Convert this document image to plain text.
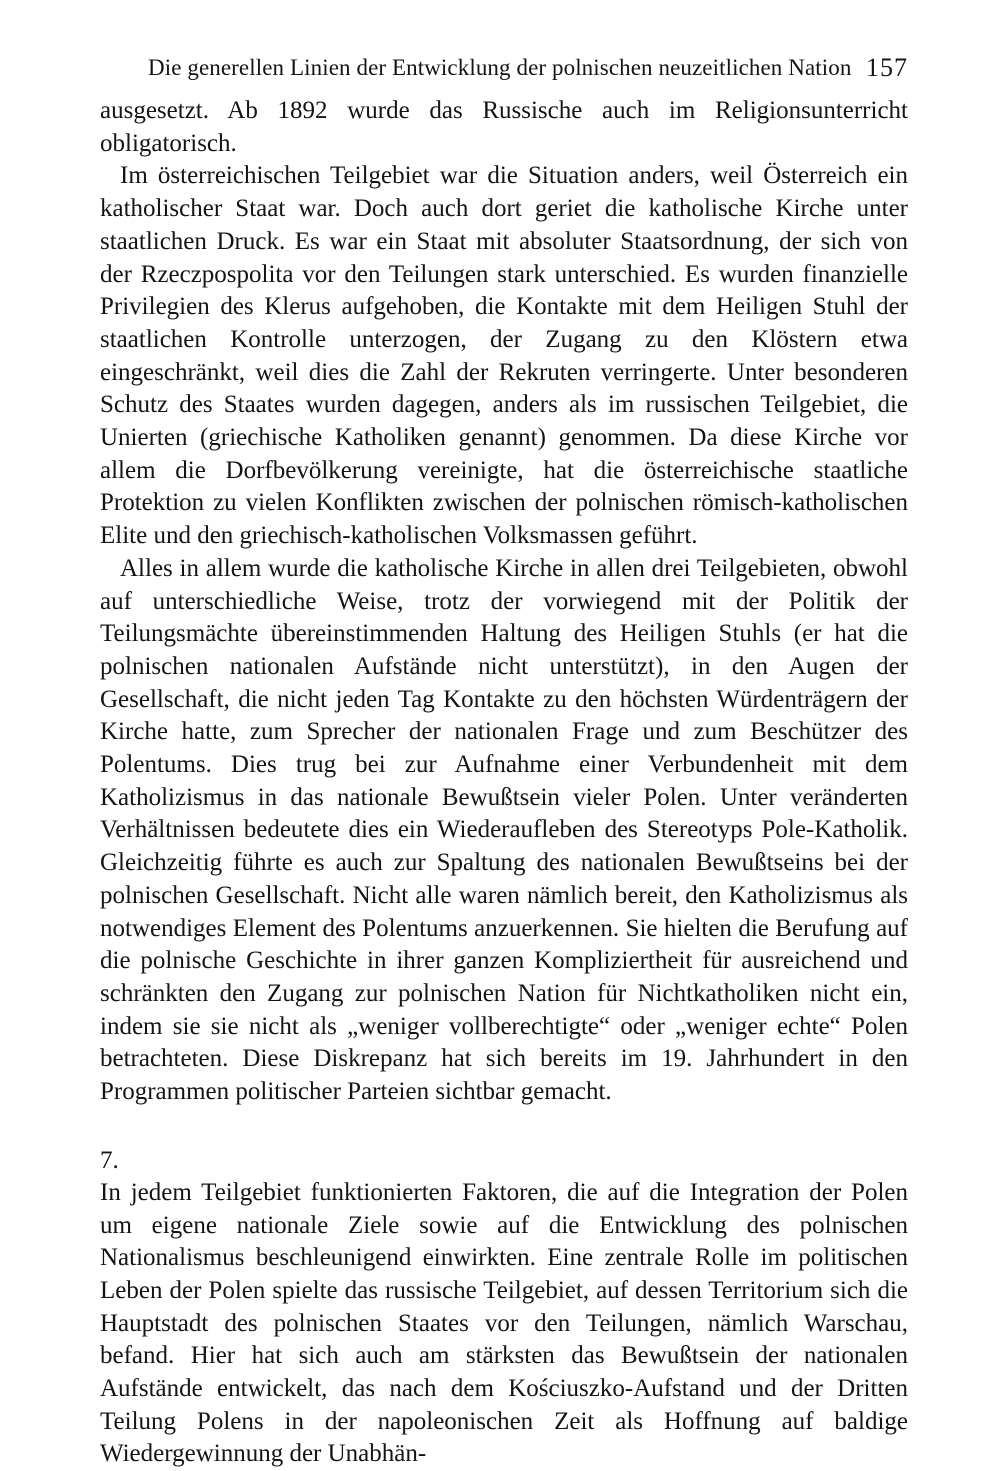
Die generellen Linien der Entwicklung der polnischen neuzeitlichen Nation 157

ausgesetzt. Ab 1892 wurde das Russische auch im Religionsunterricht obligatorisch.

Im österreichischen Teilgebiet war die Situation anders, weil Österreich ein katholischer Staat war. Doch auch dort geriet die katholische Kirche unter staatlichen Druck. Es war ein Staat mit absoluter Staatsordnung, der sich von der Rzeczpospolita vor den Teilungen stark unterschied. Es wurden finanzielle Privilegien des Klerus aufgehoben, die Kontakte mit dem Heiligen Stuhl der staatlichen Kontrolle unterzogen, der Zugang zu den Klöstern etwa eingeschränkt, weil dies die Zahl der Rekruten verringerte. Unter besonderen Schutz des Staates wurden dagegen, anders als im russischen Teilgebiet, die Unierten (griechische Katholiken genannt) genommen. Da diese Kirche vor allem die Dorfbevölkerung vereinigte, hat die österreichische staatliche Protektion zu vielen Konflikten zwischen der polnischen römisch-katholischen Elite und den griechisch-katholischen Volksmassen geführt.

Alles in allem wurde die katholische Kirche in allen drei Teilgebieten, obwohl auf unterschiedliche Weise, trotz der vorwiegend mit der Politik der Teilungsmächte übereinstimmenden Haltung des Heiligen Stuhls (er hat die polnischen nationalen Aufstände nicht unterstützt), in den Augen der Gesellschaft, die nicht jeden Tag Kontakte zu den höchsten Würdenträgern der Kirche hatte, zum Sprecher der nationalen Frage und zum Beschützer des Polentums. Dies trug bei zur Aufnahme einer Verbundenheit mit dem Katholizismus in das nationale Bewußtsein vieler Polen. Unter veränderten Verhältnissen bedeutete dies ein Wiederaufleben des Stereotyps Pole-Katholik. Gleichzeitig führte es auch zur Spaltung des nationalen Bewußtseins bei der polnischen Gesellschaft. Nicht alle waren nämlich bereit, den Katholizismus als notwendiges Element des Polentums anzuerkennen. Sie hielten die Berufung auf die polnische Geschichte in ihrer ganzen Kompliziertheit für ausreichend und schränkten den Zugang zur polnischen Nation für Nichtkatholiken nicht ein, indem sie sie nicht als „weniger vollberechtigte“ oder „weniger echte“ Polen betrachteten. Diese Diskrepanz hat sich bereits im 19. Jahrhundert in den Programmen politischer Parteien sichtbar gemacht.

7.

In jedem Teilgebiet funktionierten Faktoren, die auf die Integration der Polen um eigene nationale Ziele sowie auf die Entwicklung des polnischen Nationalismus beschleunigend einwirkten. Eine zentrale Rolle im politischen Leben der Polen spielte das russische Teilgebiet, auf dessen Territorium sich die Hauptstadt des polnischen Staates vor den Teilungen, nämlich Warschau, befand. Hier hat sich auch am stärksten das Bewußtsein der nationalen Aufstände entwickelt, das nach dem Kościuszko-Aufstand und der Dritten Teilung Polens in der napoleonischen Zeit als Hoffnung auf baldige Wiedergewinnung der Unabhän-
